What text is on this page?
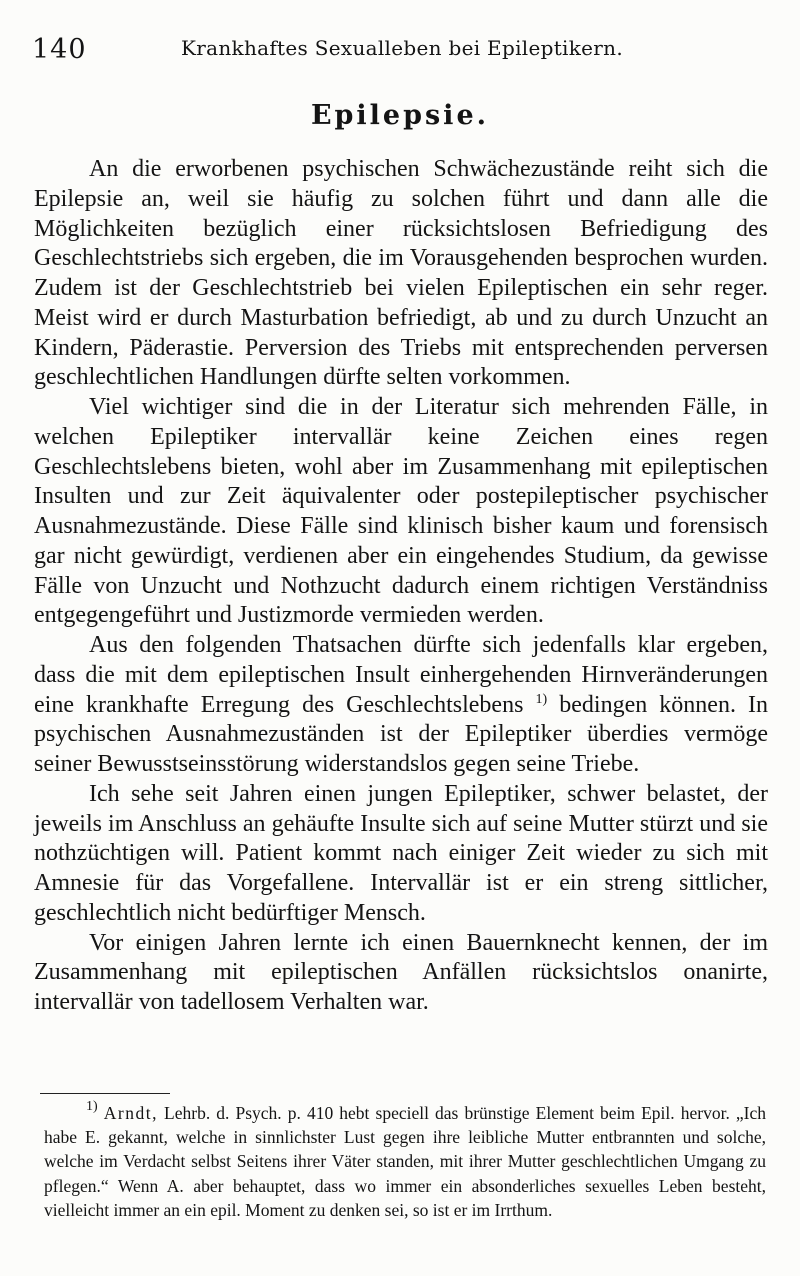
140	Krankhaftes Sexualleben bei Epileptikern.
Epilepsie.

An die erworbenen psychischen Schwächezustände reiht sich die Epilepsie an, weil sie häufig zu solchen führt und dann alle die Möglichkeiten bezüglich einer rücksichtslosen Befriedigung des Geschlechtstriebs sich ergeben, die im Vorausgehenden besprochen wurden. Zudem ist der Geschlechtstrieb bei vielen Epileptischen ein sehr reger. Meist wird er durch Masturbation befriedigt, ab und zu durch Unzucht an Kindern, Päderastie. Perversion des Triebs mit entsprechenden perversen geschlechtlichen Handlungen dürfte selten vorkommen.

Viel wichtiger sind die in der Literatur sich mehrenden Fälle, in welchen Epileptiker intervallär keine Zeichen eines regen Geschlechtslebens bieten, wohl aber im Zusammenhang mit epileptischen Insulten und zur Zeit äquivalenter oder postepileptischer psychischer Ausnahmezustände. Diese Fälle sind klinisch bisher kaum und forensisch gar nicht gewürdigt, verdienen aber ein eingehendes Studium, da gewisse Fälle von Unzucht und Nothzucht dadurch einem richtigen Verständniss entgegengeführt und Justizmorde vermieden werden.

Aus den folgenden Thatsachen dürfte sich jedenfalls klar ergeben, dass die mit dem epileptischen Insult einhergehenden Hirnveränderungen eine krankhafte Erregung des Geschlechtslebens $^{1)}$ bedingen können. In psychischen Ausnahmezuständen ist der Epileptiker überdies vermöge seiner Bewusstseinsstörung widerstandslos gegen seine Triebe.

Ich sehe seit Jahren einen jungen Epileptiker, schwer belastet, der jeweils im Anschluss an gehäufte Insulte sich auf seine Mutter stürzt und sie nothzüchtigen will. Patient kommt nach einiger Zeit wieder zu sich mit Amnesie für das Vorgefallene. Intervallär ist er ein streng sittlicher, geschlechtlich nicht bedürftiger Mensch.

Vor einigen Jahren lernte ich einen Bauernknecht kennen, der im Zusammenhang mit epileptischen Anfällen rücksichtslos onanirte, intervallär von tadellosem Verhalten war.

$^{1)}$ Arndt, Lehrb. d. Psych. p. 410 hebt speciell das brünstige Element beim Epil. hervor. „Ich habe E. gekannt, welche in sinnlichster Lust gegen ihre leibliche Mutter entbrannten und solche, welche im Verdacht selbst Seitens ihrer Väter standen, mit ihrer Mutter geschlechtlichen Umgang zu pflegen.“ Wenn A. aber behauptet, dass wo immer ein absonderliches sexuelles Leben besteht, vielleicht immer an ein epil. Moment zu denken sei, so ist er im Irrthum.
